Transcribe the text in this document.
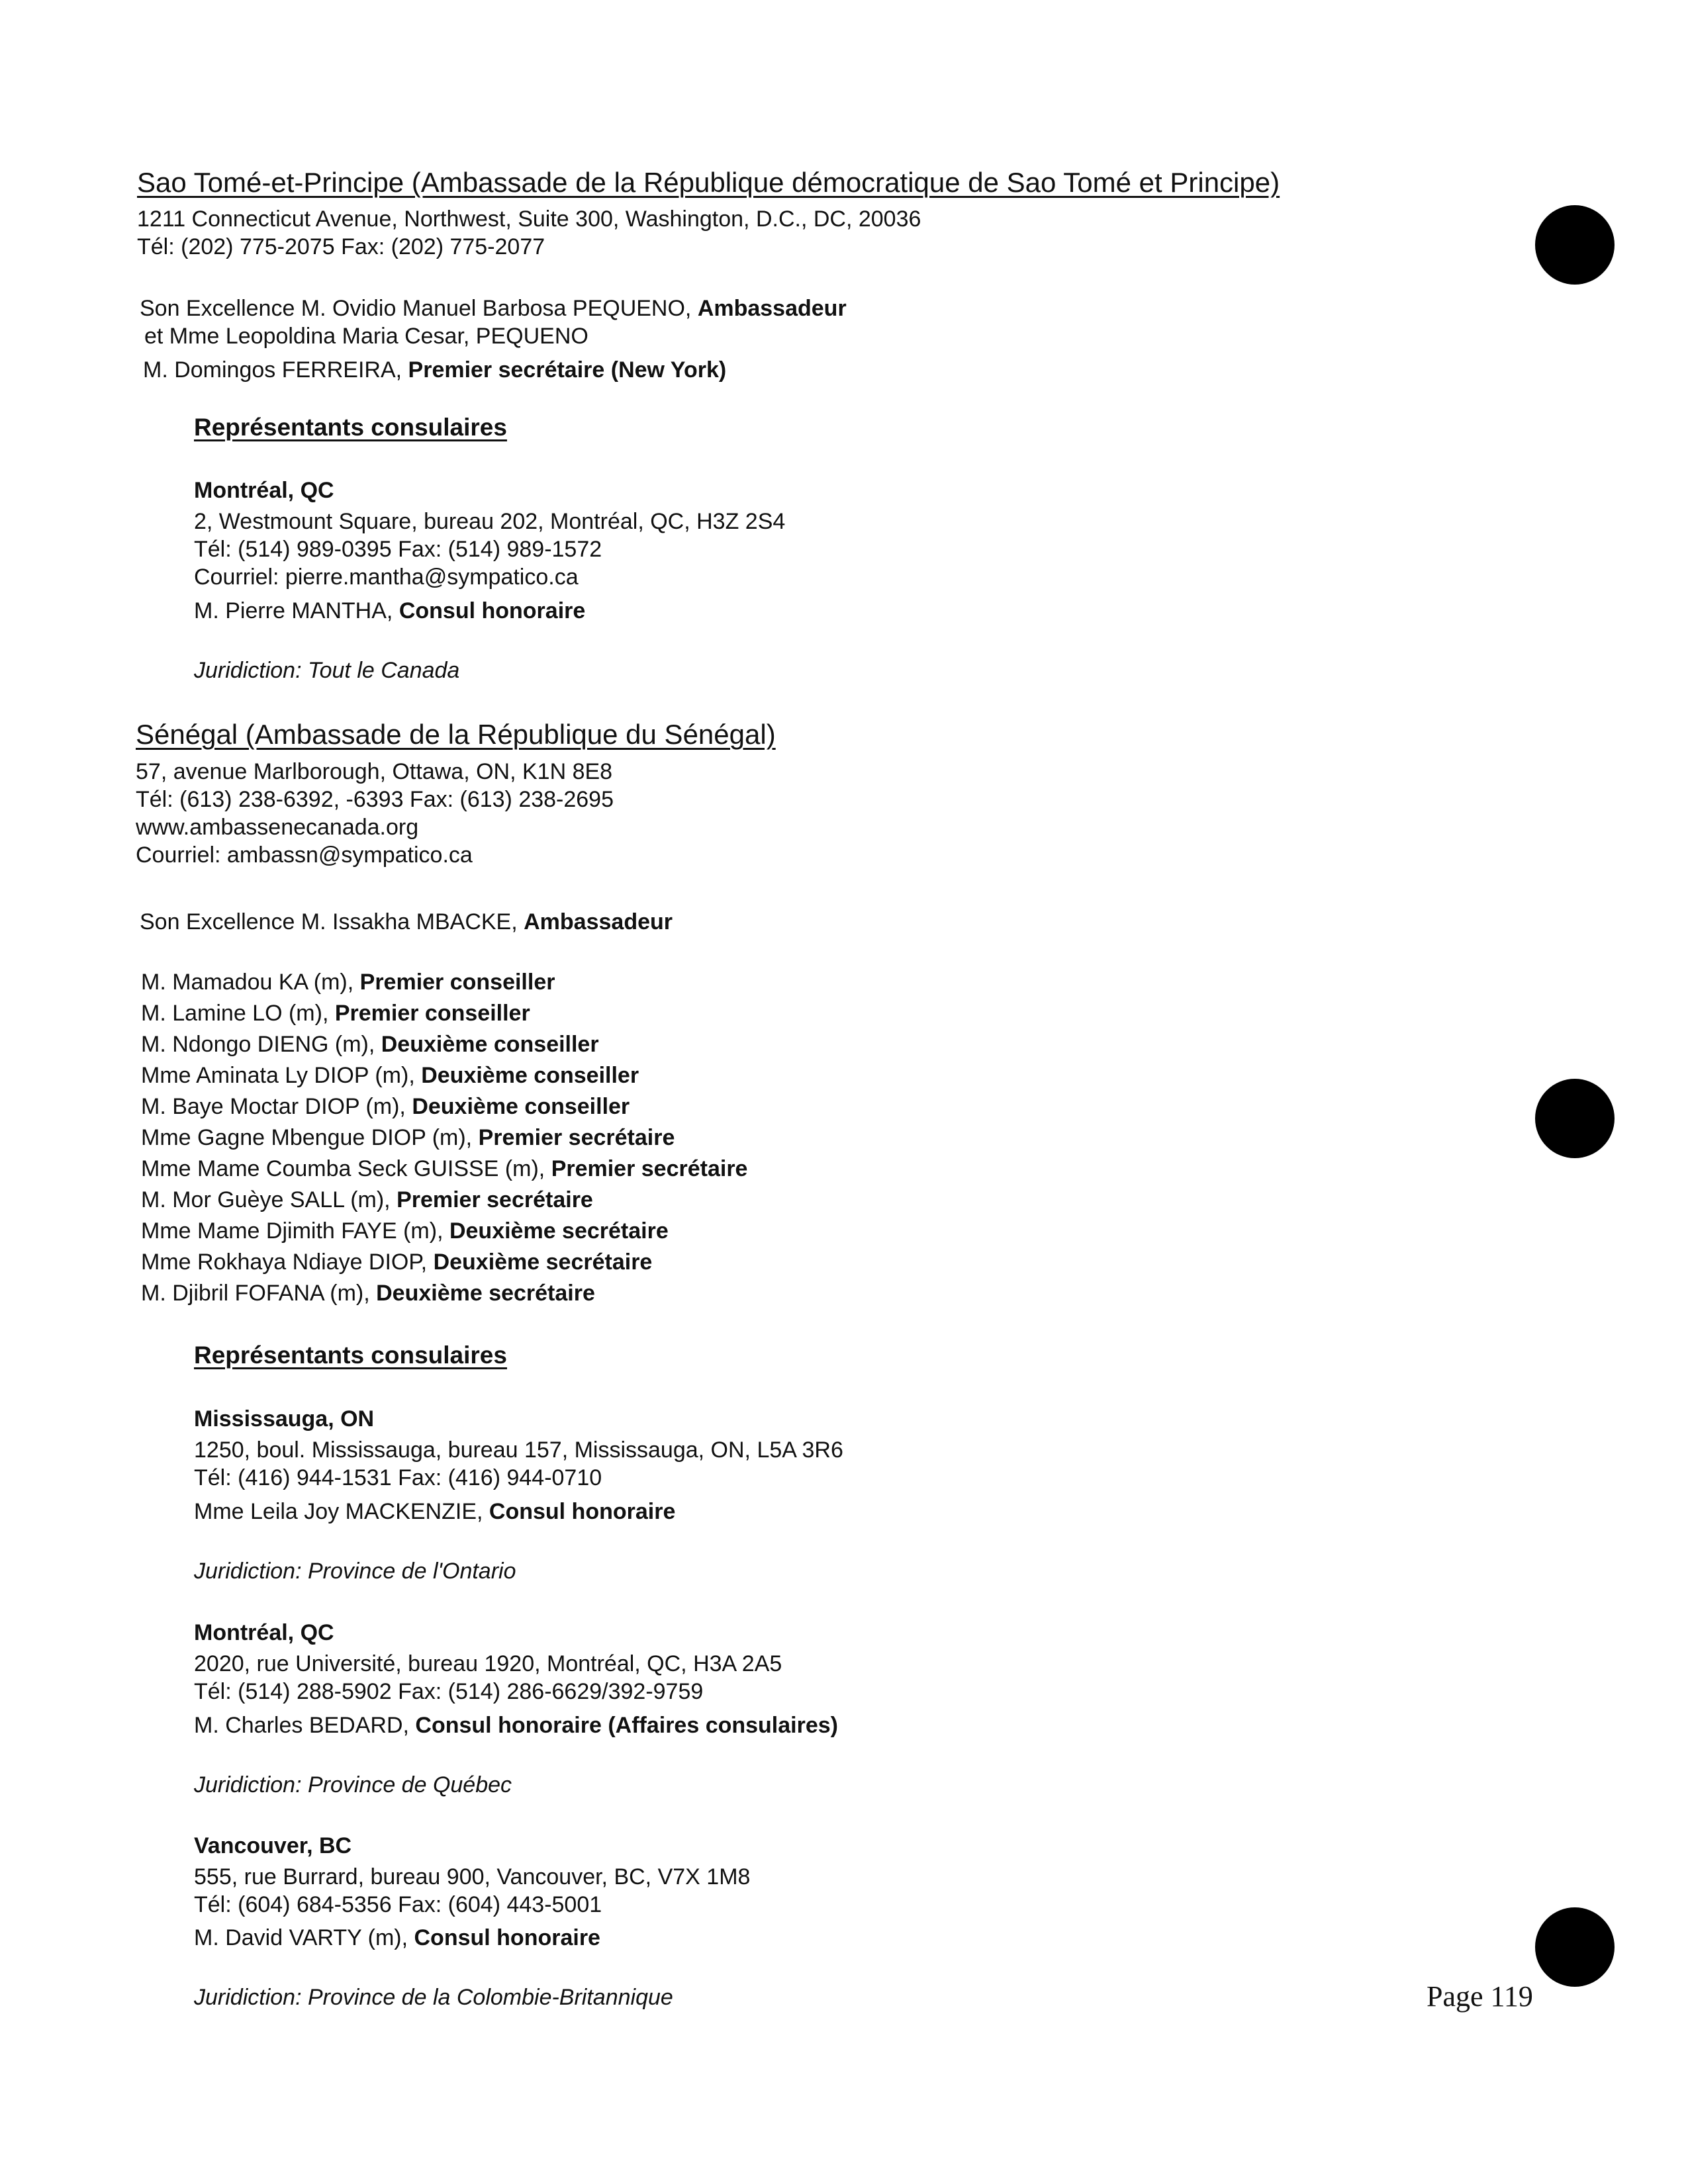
Sao Tomé-et-Principe (Ambassade de la République démocratique de Sao Tomé et Principe)
1211 Connecticut Avenue, Northwest, Suite 300, Washington, D.C., DC, 20036
Tél: (202) 775-2075 Fax: (202) 775-2077
Son Excellence M. Ovidio Manuel Barbosa PEQUENO, Ambassadeur
et Mme Leopoldina Maria Cesar, PEQUENO
M. Domingos FERREIRA, Premier secrétaire (New York)
Représentants consulaires
Montréal, QC
2, Westmount Square, bureau 202, Montréal, QC, H3Z 2S4
Tél: (514) 989-0395 Fax: (514) 989-1572
Courriel: pierre.mantha@sympatico.ca
M. Pierre MANTHA, Consul honoraire
Juridiction: Tout le Canada
Sénégal (Ambassade de la République du Sénégal)
57, avenue Marlborough, Ottawa, ON, K1N 8E8
Tél: (613) 238-6392, -6393 Fax: (613) 238-2695
www.ambassenecanada.org
Courriel: ambassn@sympatico.ca
Son Excellence M. Issakha MBACKE, Ambassadeur
M. Mamadou KA (m), Premier conseiller
M. Lamine LO (m), Premier conseiller
M. Ndongo DIENG (m), Deuxième conseiller
Mme Aminata Ly DIOP (m), Deuxième conseiller
M. Baye Moctar DIOP (m), Deuxième conseiller
Mme Gagne Mbengue DIOP (m), Premier secrétaire
Mme Mame Coumba Seck GUISSE (m), Premier secrétaire
M. Mor Guèye SALL (m), Premier secrétaire
Mme Mame Djimith FAYE (m), Deuxième secrétaire
Mme Rokhaya Ndiaye DIOP, Deuxième secrétaire
M. Djibril FOFANA (m), Deuxième secrétaire
Représentants consulaires
Mississauga, ON
1250, boul. Mississauga, bureau 157, Mississauga, ON, L5A 3R6
Tél: (416) 944-1531 Fax: (416) 944-0710
Mme Leila Joy MACKENZIE, Consul honoraire
Juridiction: Province de l'Ontario
Montréal, QC
2020, rue Université, bureau 1920, Montréal, QC, H3A 2A5
Tél: (514) 288-5902 Fax: (514) 286-6629/392-9759
M. Charles BEDARD, Consul honoraire (Affaires consulaires)
Juridiction: Province de Québec
Vancouver, BC
555, rue Burrard, bureau 900, Vancouver, BC, V7X 1M8
Tél: (604) 684-5356 Fax: (604) 443-5001
M. David VARTY (m), Consul honoraire
Juridiction: Province de la Colombie-Britannique	Page 119
